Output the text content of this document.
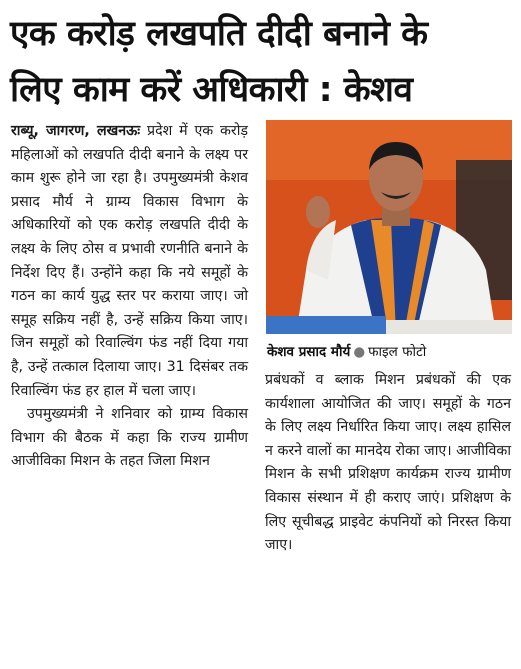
एक करोड़ लखपति दीदी बनाने के
लिए काम करें अधिकारी : केशव

राब्यू, जागरण, लखनऊः प्रदेश में एक करोड़ महिलाओं को लखपति दीदी बनाने के लक्ष्य पर काम शुरू होने जा रहा है। उपमुख्यमंत्री केशव प्रसाद मौर्य ने ग्राम्य विकास विभाग के अधिकारियों को एक करोड़ लखपति दीदी के लक्ष्य के लिए ठोस व प्रभावी रणनीति बनाने के निर्देश दिए हैं। उन्होंने कहा कि नये समूहों के गठन का कार्य युद्ध स्तर पर कराया जाए। जो समूह सक्रिय नहीं है, उन्हें सक्रिय किया जाए। जिन समूहों को रिवाल्विंग फंड नहीं दिया गया है, उन्हें तत्काल दिलाया जाए। 31 दिसंबर तक रिवाल्विंग फंड हर हाल में चला जाए।

उपमुख्यमंत्री ने शनिवार को ग्राम्य विकास विभाग की बैठक में कहा कि राज्य ग्रामीण आजीविका मिशन के तहत जिला मिशन

केशव प्रसाद मौर्य ● फाइल फोटो

प्रबंधकों व ब्लाक मिशन प्रबंधकों की एक कार्यशाला आयोजित की जाए। समूहों के गठन के लिए लक्ष्य निर्धारित किया जाए। लक्ष्य हासिल न करने वालों का मानदेय रोका जाए। आजीविका मिशन के सभी प्रशिक्षण कार्यक्रम राज्य ग्रामीण विकास संस्थान में ही कराए जाएं। प्रशिक्षण के लिए सूचीबद्ध प्राइवेट कंपनियों को निरस्त किया जाए।
